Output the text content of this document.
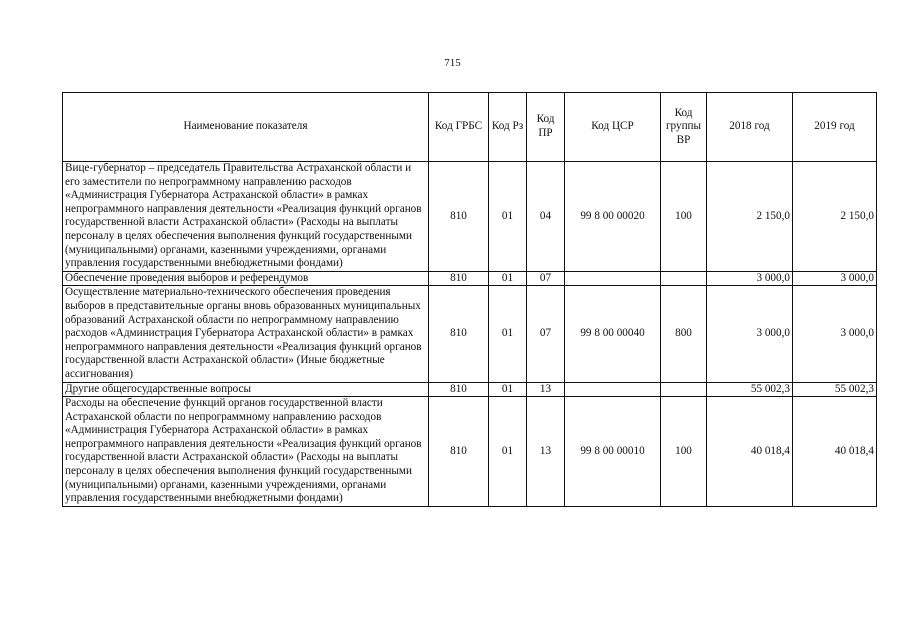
715
Наименование показателя	Код ГРБС	Код Рз	Код ПР	Код ЦСР	Код группы ВР	2018 год	2019 год
Вице-губернатор – председатель Правительства Астраханской области и его заместители по непрограммному направлению расходов «Администрация Губернатора Астраханской области» в рамках непрограммного направления деятельности «Реализация функций органов государственной власти Астраханской области» (Расходы на выплаты персоналу в целях обеспечения выполнения функций государственными (муниципальными) органами, казенными учреждениями, органами управления государственными внебюджетными фондами)	810	01	04	99 8 00 00020	100	2 150,0	2 150,0
Обеспечение проведения выборов и референдумов	810	01	07			3 000,0	3 000,0
Осуществление материально-технического обеспечения проведения выборов в представительные органы вновь образованных муниципальных образований Астраханской области по непрограммному направлению расходов «Администрация Губернатора Астраханской области» в рамках непрограммного направления деятельности «Реализация функций органов государственной власти Астраханской области» (Иные бюджетные ассигнования)	810	01	07	99 8 00 00040	800	3 000,0	3 000,0
Другие общегосударственные вопросы	810	01	13			55 002,3	55 002,3
Расходы на обеспечение функций органов государственной власти Астраханской области по непрограммному направлению расходов «Администрация Губернатора Астраханской области» в рамках непрограммного направления деятельности «Реализация функций органов государственной власти Астраханской области» (Расходы на выплаты персоналу в целях обеспечения выполнения функций государственными (муниципальными) органами, казенными учреждениями, органами управления государственными внебюджетными фондами)	810	01	13	99 8 00 00010	100	40 018,4	40 018,4
